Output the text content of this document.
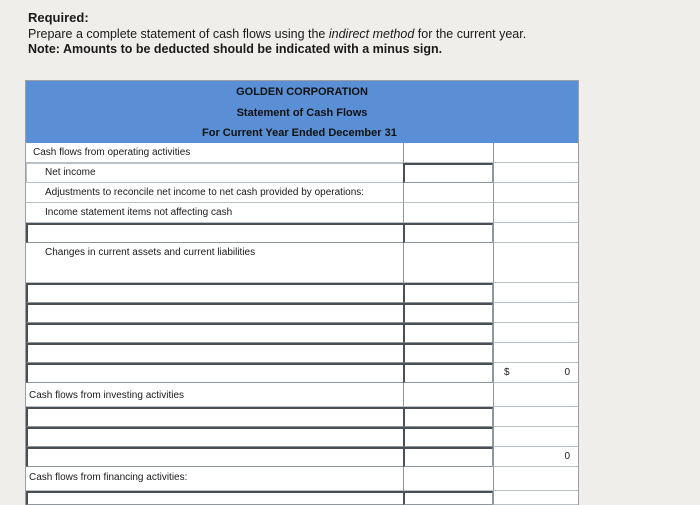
Required:

Prepare a complete statement of cash flows using the indirect method for the current year.

Note: Amounts to be deducted should be indicated with a minus sign.

GOLDEN CORPORATION
Statement of Cash Flows
For Current Year Ended December 31
Cash flows from operating activities
Net income
Adjustments to reconcile net income to net cash provided by operations:
Income statement items not affecting cash
Changes in current assets and current liabilities
$	0
Cash flows from investing activities
0
Cash flows from financing activities:
